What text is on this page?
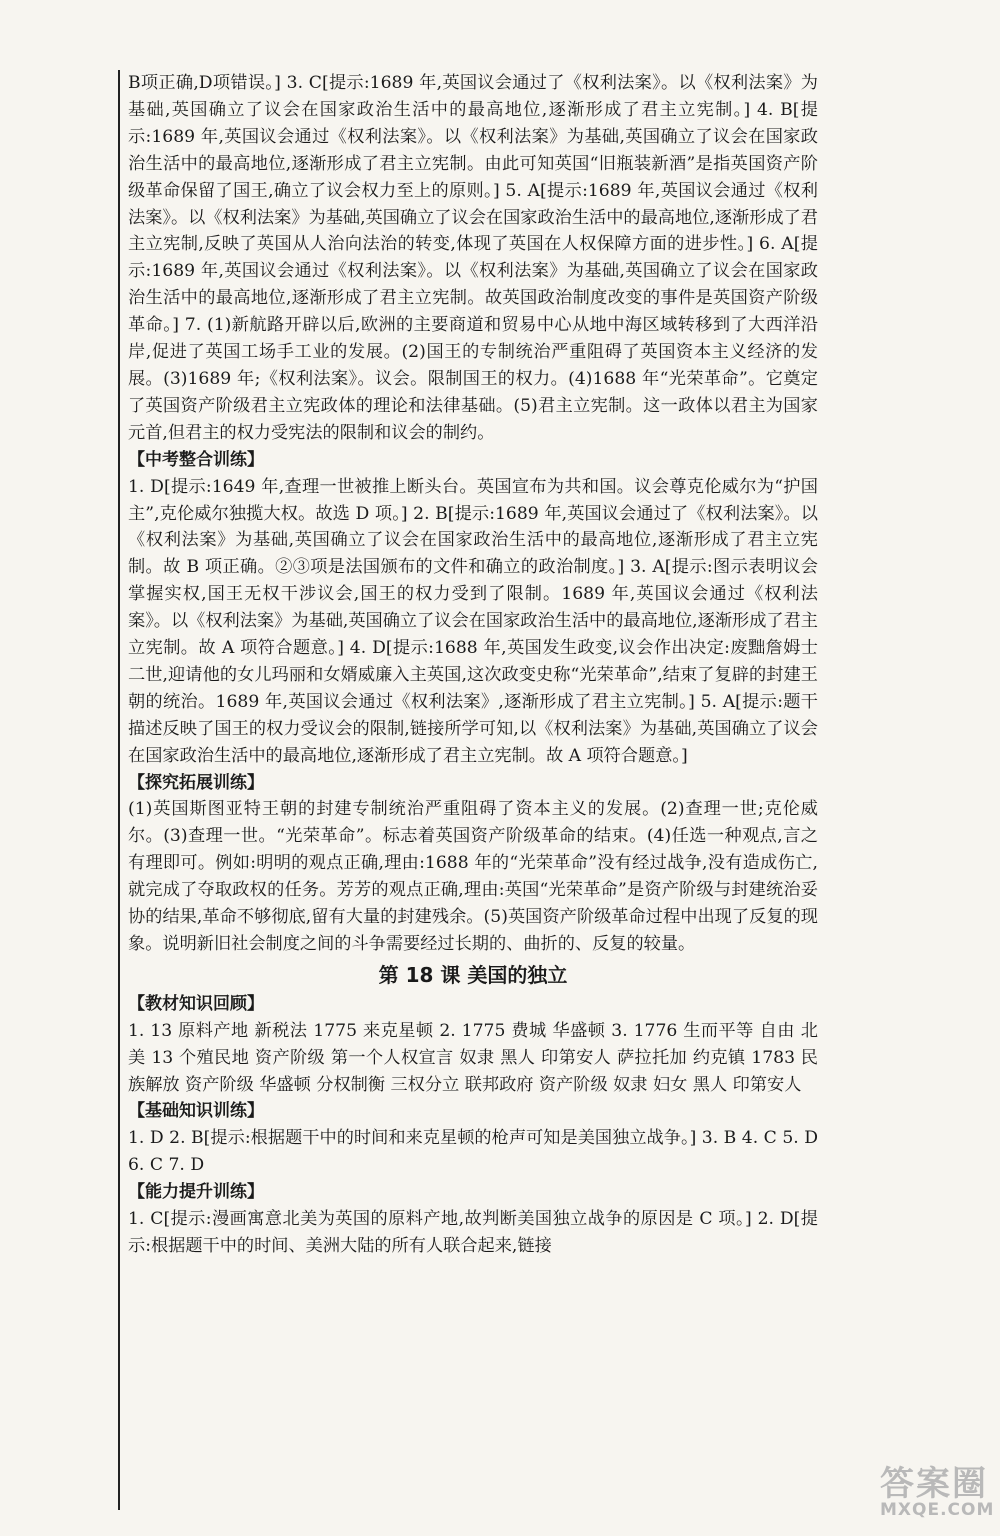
B项正确,D项错误。] 3. C[提示:1689 年,英国议会通过了《权利法案》。以《权利法案》为基础,英国确立了议会在国家政治生活中的最高地位,逐渐形成了君主立宪制。] 4. B[提示:1689 年,英国议会通过《权利法案》。以《权利法案》为基础,英国确立了议会在国家政治生活中的最高地位,逐渐形成了君主立宪制。由此可知英国“旧瓶装新酒”是指英国资产阶级革命保留了国王,确立了议会权力至上的原则。] 5. A[提示:1689 年,英国议会通过《权利法案》。以《权利法案》为基础,英国确立了议会在国家政治生活中的最高地位,逐渐形成了君主立宪制,反映了英国从人治向法治的转变,体现了英国在人权保障方面的进步性。] 6. A[提示:1689 年,英国议会通过《权利法案》。以《权利法案》为基础,英国确立了议会在国家政治生活中的最高地位,逐渐形成了君主立宪制。故英国政治制度改变的事件是英国资产阶级革命。] 7. (1)新航路开辟以后,欧洲的主要商道和贸易中心从地中海区域转移到了大西洋沿岸,促进了英国工场手工业的发展。(2)国王的专制统治严重阻碍了英国资本主义经济的发展。(3)1689 年;《权利法案》。议会。限制国王的权力。(4)1688 年“光荣革命”。它奠定了英国资产阶级君主立宪政体的理论和法律基础。(5)君主立宪制。这一政体以君主为国家元首,但君主的权力受宪法的限制和议会的制约。

【中考整合训练】

1. D[提示:1649 年,查理一世被推上断头台。英国宣布为共和国。议会尊克伦威尔为“护国主”,克伦威尔独揽大权。故选 D 项。] 2. B[提示:1689 年,英国议会通过了《权利法案》。以《权利法案》为基础,英国确立了议会在国家政治生活中的最高地位,逐渐形成了君主立宪制。故 B 项正确。②③项是法国颁布的文件和确立的政治制度。] 3. A[提示:图示表明议会掌握实权,国王无权干涉议会,国王的权力受到了限制。1689 年,英国议会通过《权利法案》。以《权利法案》为基础,英国确立了议会在国家政治生活中的最高地位,逐渐形成了君主立宪制。故 A 项符合题意。] 4. D[提示:1688 年,英国发生政变,议会作出决定:废黜詹姆士二世,迎请他的女儿玛丽和女婿威廉入主英国,这次政变史称“光荣革命”,结束了复辟的封建王朝的统治。1689 年,英国议会通过《权利法案》,逐渐形成了君主立宪制。] 5. A[提示:题干描述反映了国王的权力受议会的限制,链接所学可知,以《权利法案》为基础,英国确立了议会在国家政治生活中的最高地位,逐渐形成了君主立宪制。故 A 项符合题意。]

【探究拓展训练】

(1)英国斯图亚特王朝的封建专制统治严重阻碍了资本主义的发展。(2)查理一世;克伦威尔。(3)查理一世。“光荣革命”。标志着英国资产阶级革命的结束。(4)任选一种观点,言之有理即可。例如:明明的观点正确,理由:1688 年的“光荣革命”没有经过战争,没有造成伤亡,就完成了夺取政权的任务。芳芳的观点正确,理由:英国“光荣革命”是资产阶级与封建统治妥协的结果,革命不够彻底,留有大量的封建残余。(5)英国资产阶级革命过程中出现了反复的现象。说明新旧社会制度之间的斗争需要经过长期的、曲折的、反复的较量。

第 18 课 美国的独立

【教材知识回顾】

1. 13 原料产地 新税法 1775 来克星顿 2. 1775 费城 华盛顿 3. 1776 生而平等 自由 北美 13 个殖民地 资产阶级 第一个人权宣言 奴隶 黑人 印第安人 萨拉托加 约克镇 1783 民族解放 资产阶级 华盛顿 分权制衡 三权分立 联邦政府 资产阶级 奴隶 妇女 黑人 印第安人

【基础知识训练】

1. D 2. B[提示:根据题干中的时间和来克星顿的枪声可知是美国独立战争。] 3. B 4. C 5. D 6. C 7. D

【能力提升训练】

1. C[提示:漫画寓意北美为英国的原料产地,故判断美国独立战争的原因是 C 项。] 2. D[提示:根据题干中的时间、美洲大陆的所有人联合起来,链接

答案圈
MXQE.COM
